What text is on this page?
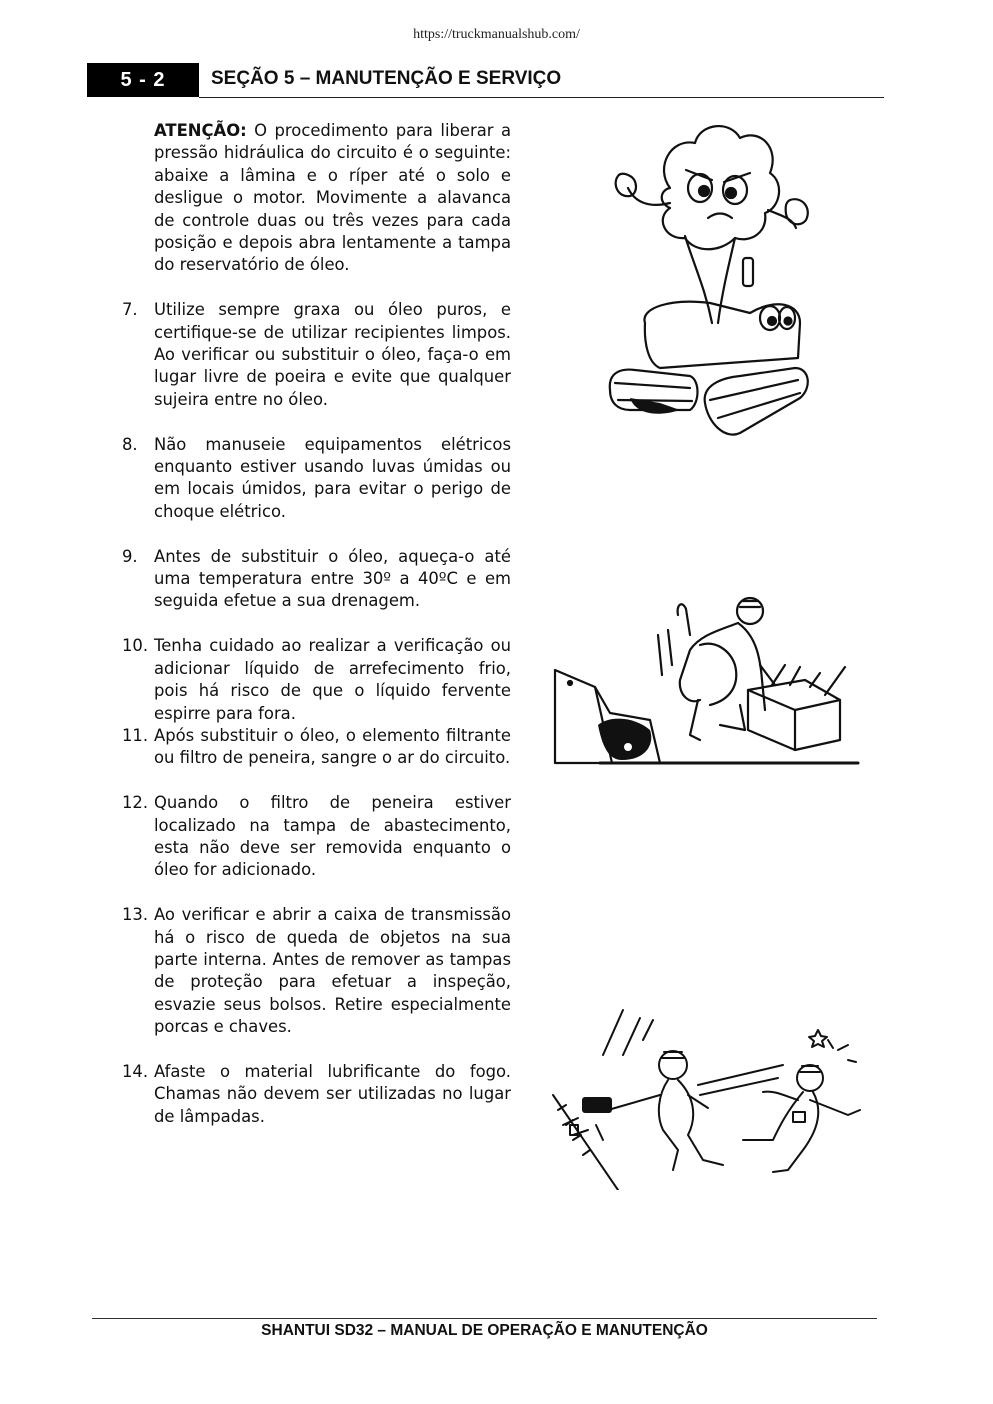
https://truckmanualshub.com/
5 - 2	SEÇÃO 5 – MANUTENÇÃO E SERVIÇO

ATENÇÃO: O procedimento para liberar a pressão hidráulica do circuito é o seguinte: abaixe a lâmina e o ríper até o solo e desligue o motor. Movimente a alavanca de controle duas ou três vezes para cada posição e depois abra lentamente a tampa do reservatório de óleo.

7. Utilize sempre graxa ou óleo puros, e certifique-se de utilizar recipientes limpos. Ao verificar ou substituir o óleo, faça-o em lugar livre de poeira e evite que qualquer sujeira entre no óleo.
8. Não manuseie equipamentos elétricos enquanto estiver usando luvas úmidas ou em locais úmidos, para evitar o perigo de choque elétrico.
9. Antes de substituir o óleo, aqueça-o até uma temperatura entre 30º a 40ºC e em seguida efetue a sua drenagem.
10. Tenha cuidado ao realizar a verificação ou adicionar líquido de arrefecimento frio, pois há risco de que o líquido fervente espirre para fora.
11. Após substituir o óleo, o elemento filtrante ou filtro de peneira, sangre o ar do circuito.
12. Quando o filtro de peneira estiver localizado na tampa de abastecimento, esta não deve ser removida enquanto o óleo for adicionado.
13. Ao verificar e abrir a caixa de transmissão há o risco de queda de objetos na sua parte interna. Antes de remover as tampas de proteção para efetuar a inspeção, esvazie seus bolsos. Retire especialmente porcas e chaves.
14. Afaste o material lubrificante do fogo. Chamas não devem ser utilizadas no lugar de lâmpadas.
SHANTUI SD32 – MANUAL DE OPERAÇÃO E MANUTENÇÃO
